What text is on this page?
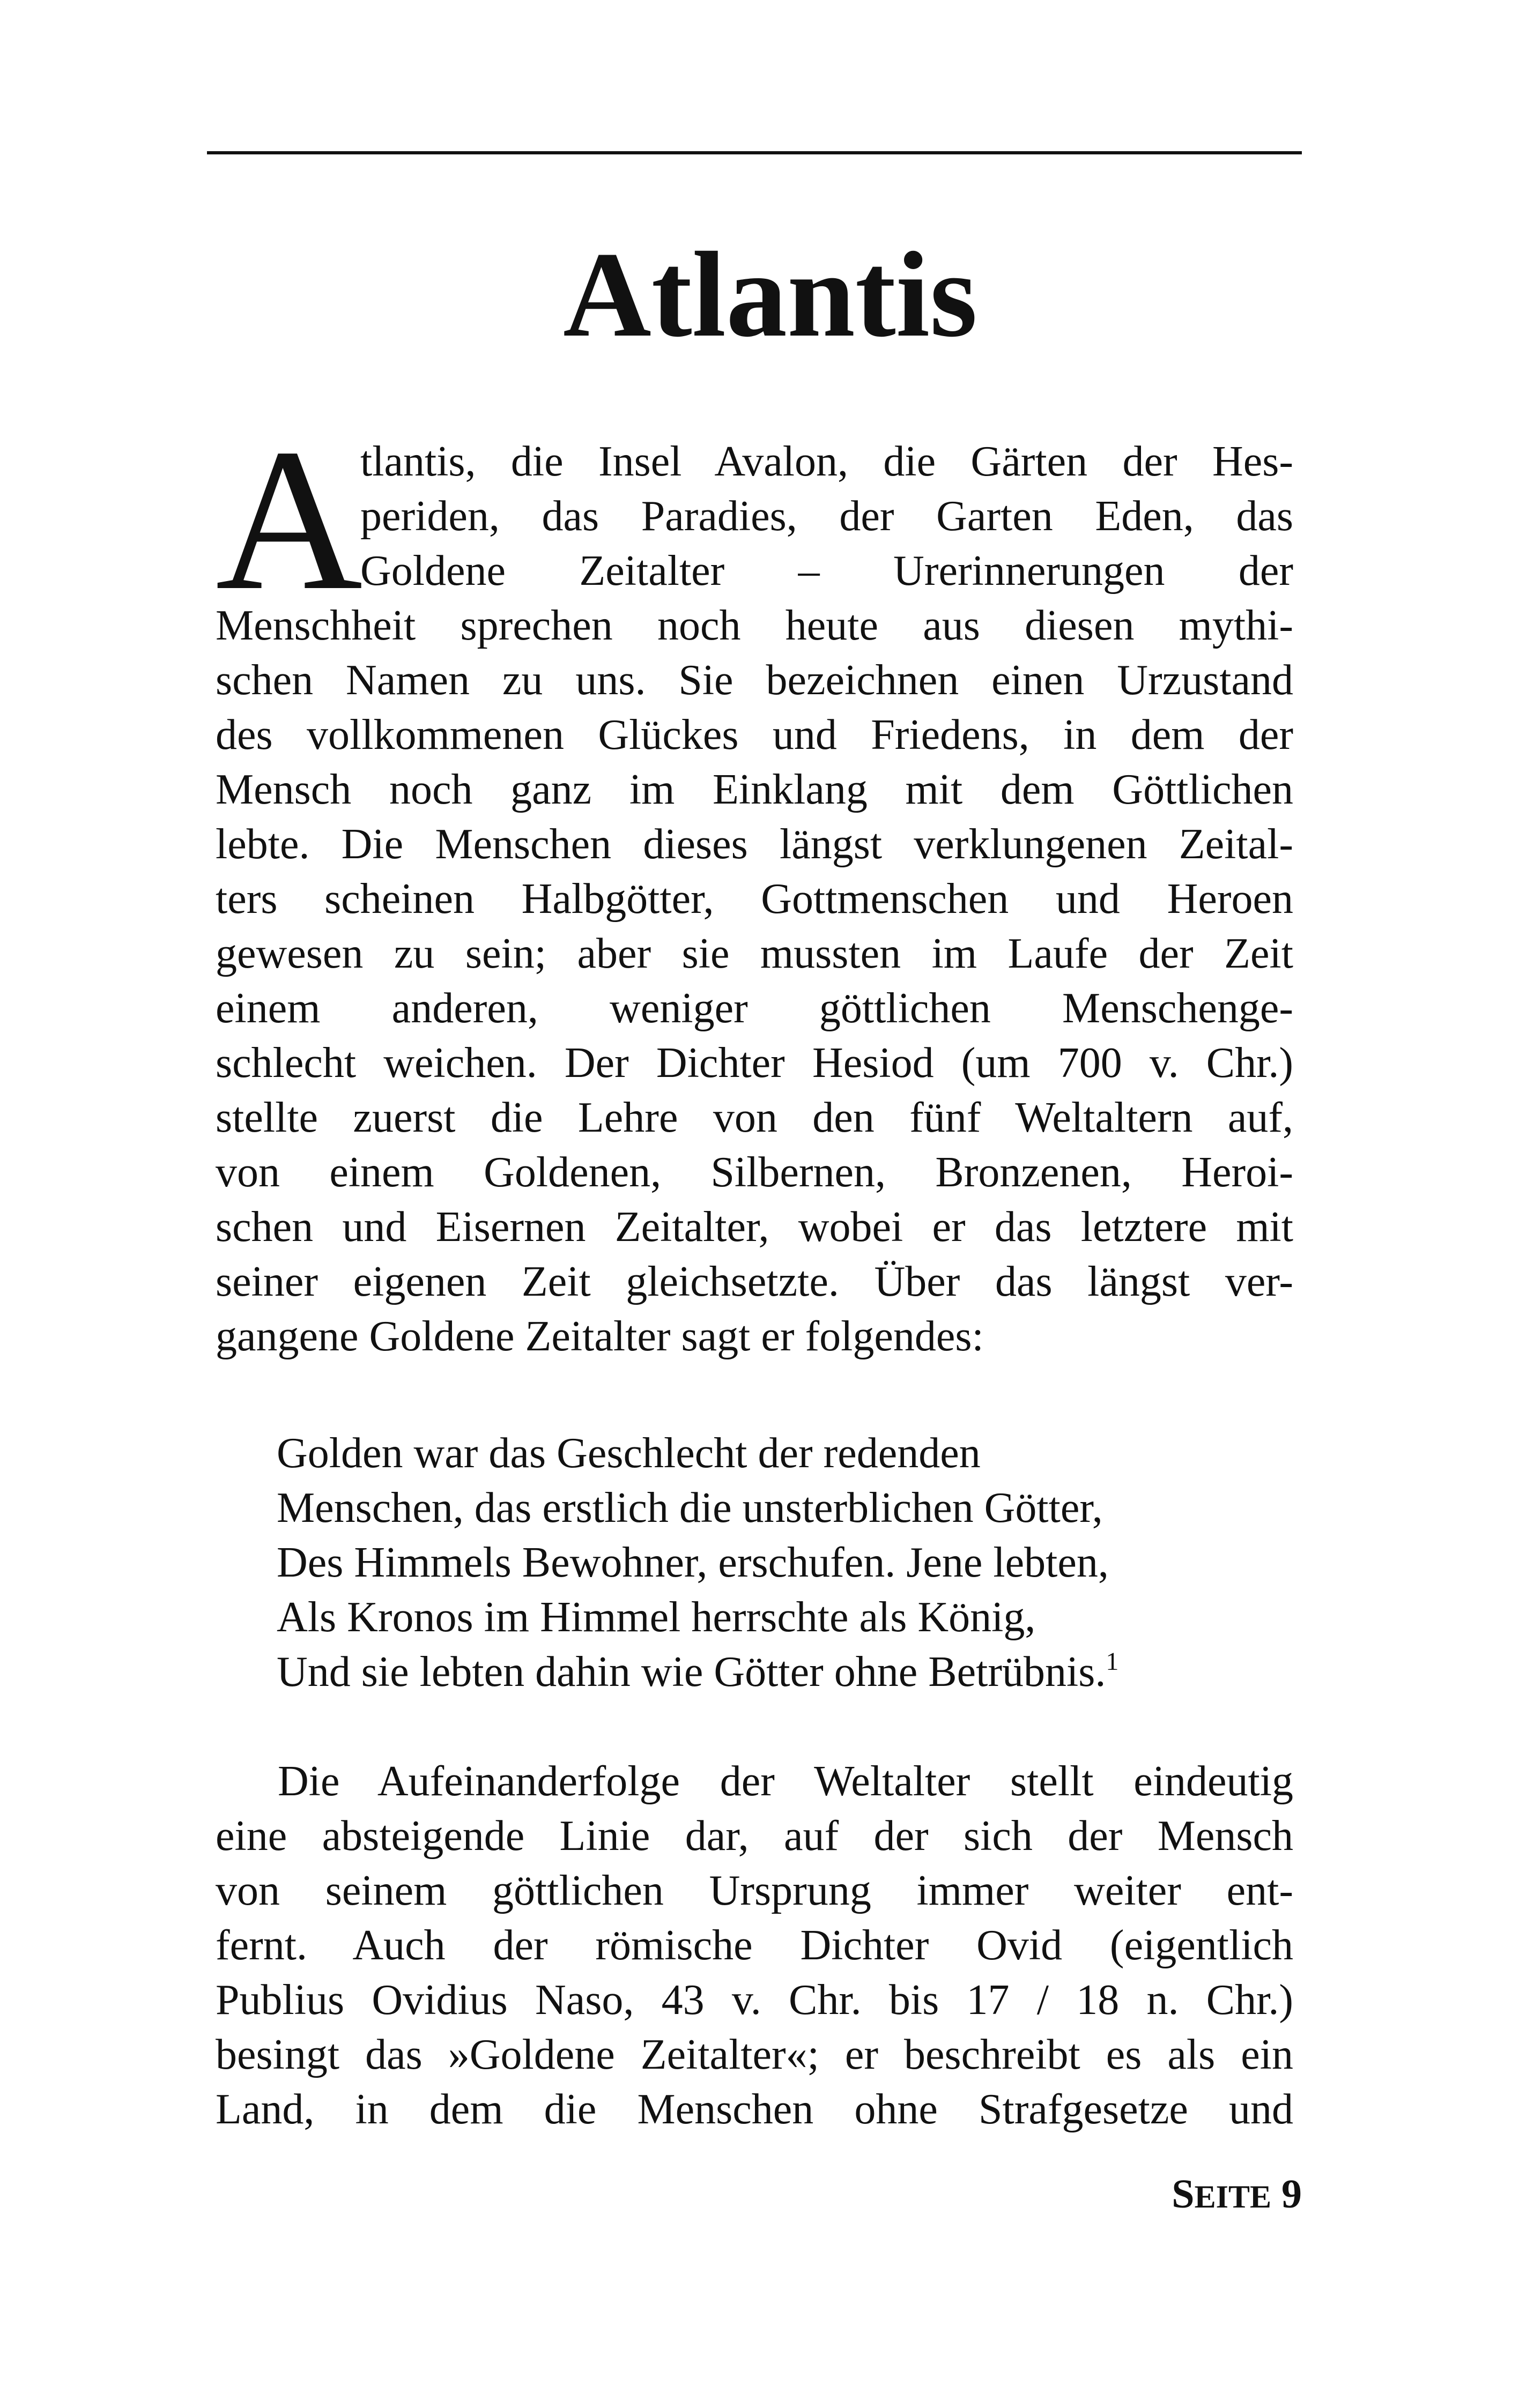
Atlantis
A
tlantis, die Insel Avalon, die Gärten der Hes-
periden, das Paradies, der Garten Eden, das
Goldene Zeitalter – Urerinnerungen der
Menschheit sprechen noch heute aus diesen mythi-
schen Namen zu uns. Sie bezeichnen einen Urzustand
des vollkommenen Glückes und Friedens, in dem der
Mensch noch ganz im Einklang mit dem Göttlichen
lebte. Die Menschen dieses längst verklungenen Zeital-
ters scheinen Halbgötter, Gottmenschen und Heroen
gewesen zu sein; aber sie mussten im Laufe der Zeit
einem anderen, weniger göttlichen Menschenge-
schlecht weichen. Der Dichter Hesiod (um 700 v. Chr.)
stellte zuerst die Lehre von den fünf Weltaltern auf,
von einem Goldenen, Silbernen, Bronzenen, Heroi-
schen und Eisernen Zeitalter, wobei er das letztere mit
seiner eigenen Zeit gleichsetzte. Über das längst ver-
gangene Goldene Zeitalter sagt er folgendes:
Golden war das Geschlecht der redenden
Menschen, das erstlich die unsterblichen Götter,
Des Himmels Bewohner, erschufen. Jene lebten,
Als Kronos im Himmel herrschte als König,
Und sie lebten dahin wie Götter ohne Betrübnis.$^1$
Die Aufeinanderfolge der Weltalter stellt eindeutig
eine absteigende Linie dar, auf der sich der Mensch
von seinem göttlichen Ursprung immer weiter ent-
fernt. Auch der römische Dichter Ovid (eigentlich
Publius Ovidius Naso, 43 v. Chr. bis 17 / 18 n. Chr.)
besingt das »Goldene Zeitalter«; er beschreibt es als ein
Land, in dem die Menschen ohne Strafgesetze und
SEITE 9
